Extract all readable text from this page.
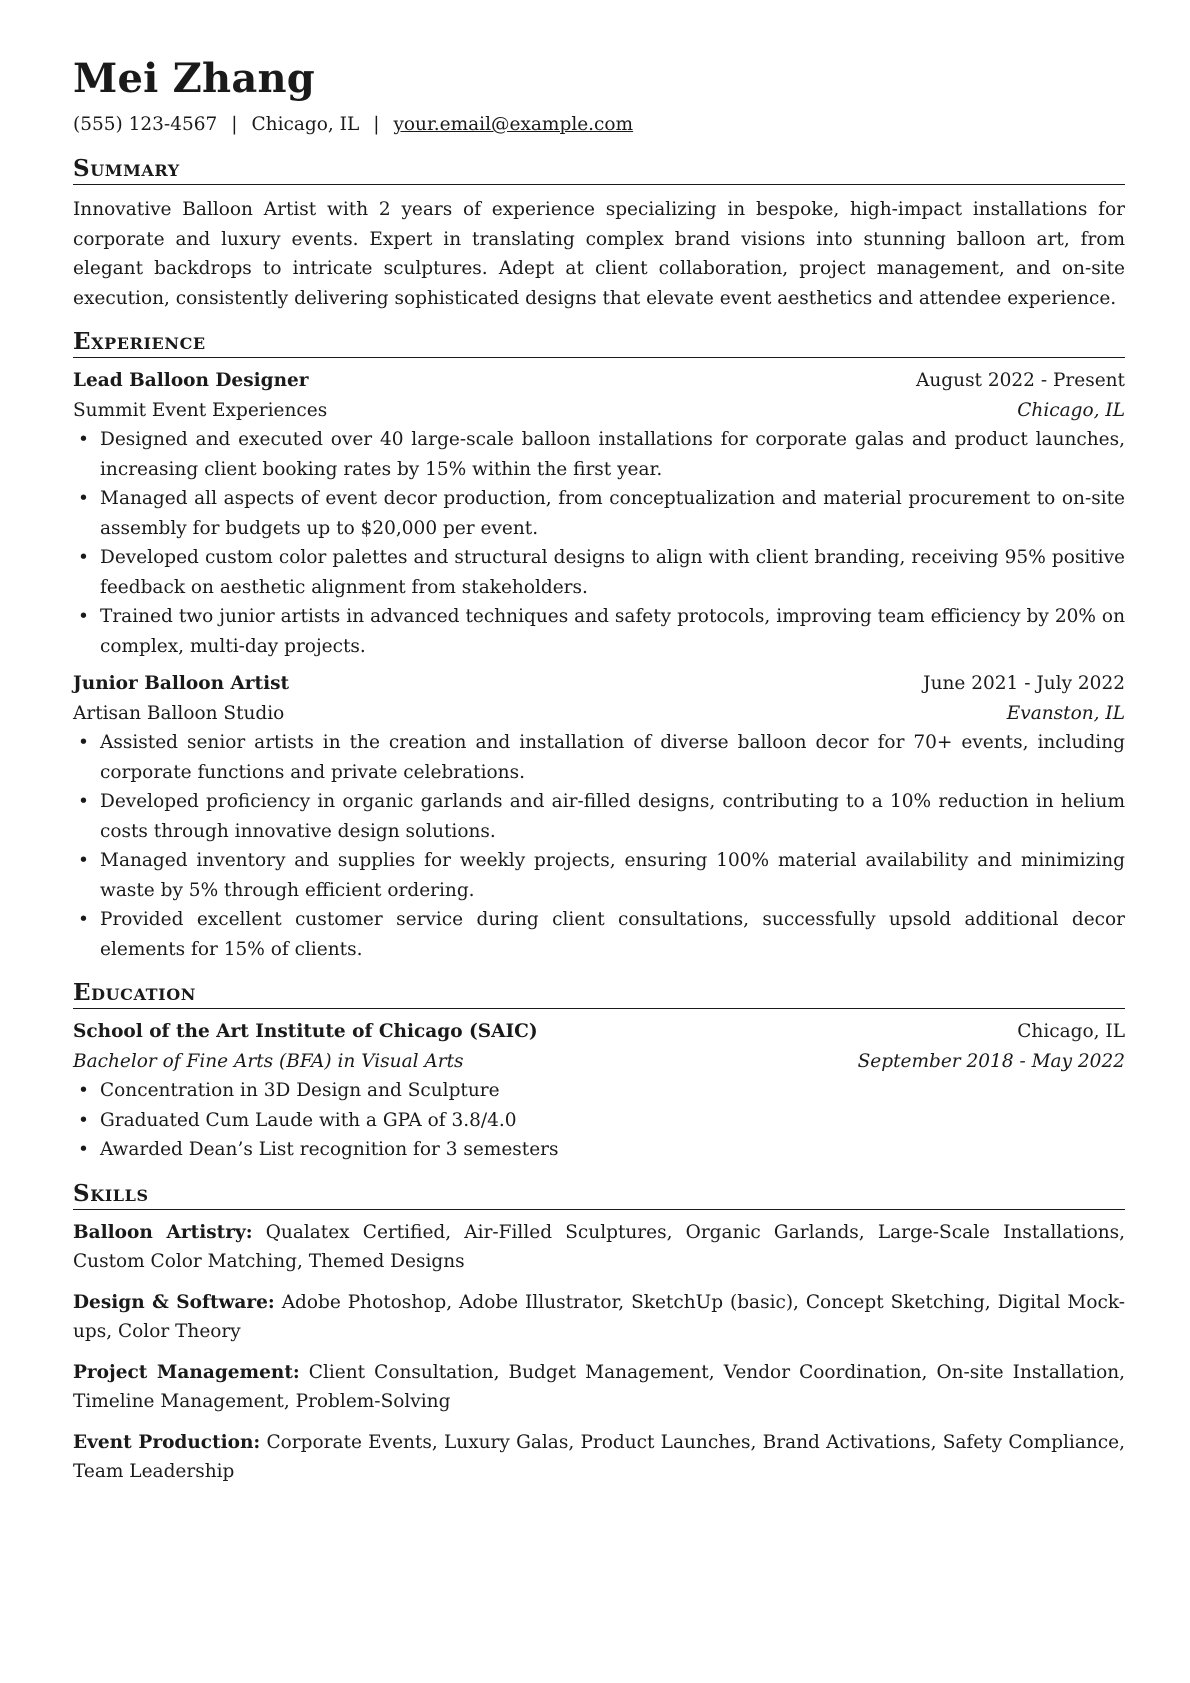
Mei Zhang
(555) 123-4567 | Chicago, IL | your.email@example.com
Summary

Innovative Balloon Artist with 2 years of experience specializing in bespoke, high-impact installations for corporate and luxury events. Expert in translating complex brand visions into stunning balloon art, from elegant backdrops to intricate sculptures. Adept at client collaboration, project management, and on-site execution, consistently delivering sophisticated designs that elevate event aesthetics and attendee experience.

Experience
Lead Balloon Designer	August 2022 - Present
Summit Event Experiences	Chicago, IL
• Designed and executed over 40 large-scale balloon installations for corporate galas and product launches, increasing client booking rates by 15% within the first year.
• Managed all aspects of event decor production, from conceptualization and material procurement to on-site assembly for budgets up to $20,000 per event.
• Developed custom color palettes and structural designs to align with client branding, receiving 95% positive feedback on aesthetic alignment from stakeholders.
• Trained two junior artists in advanced techniques and safety protocols, improving team efficiency by 20% on complex, multi-day projects.
Junior Balloon Artist	June 2021 - July 2022
Artisan Balloon Studio	Evanston, IL
• Assisted senior artists in the creation and installation of diverse balloon decor for 70+ events, including corporate functions and private celebrations.
• Developed proficiency in organic garlands and air-filled designs, contributing to a 10% reduction in helium costs through innovative design solutions.
• Managed inventory and supplies for weekly projects, ensuring 100% material availability and minimizing waste by 5% through efficient ordering.
• Provided excellent customer service during client consultations, successfully upsold additional decor elements for 15% of clients.
Education
School of the Art Institute of Chicago (SAIC)	Chicago, IL
Bachelor of Fine Arts (BFA) in Visual Arts	September 2018 - May 2022
• Concentration in 3D Design and Sculpture
• Graduated Cum Laude with a GPA of 3.8/4.0
• Awarded Dean’s List recognition for 3 semesters
Skills

Balloon Artistry: Qualatex Certified, Air-Filled Sculptures, Organic Garlands, Large-Scale Installations, Custom Color Matching, Themed Designs

Design & Software: Adobe Photoshop, Adobe Illustrator, SketchUp (basic), Concept Sketching, Digital Mock-ups, Color Theory

Project Management: Client Consultation, Budget Management, Vendor Coordination, On-site Installation, Timeline Management, Problem-Solving

Event Production: Corporate Events, Luxury Galas, Product Launches, Brand Activations, Safety Compliance, Team Leadership
